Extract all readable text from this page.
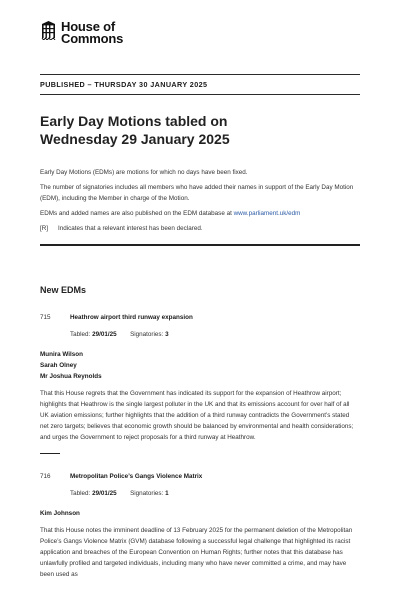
House of
Commons
PUBLISHED – THURSDAY 30 JANUARY 2025
Early Day Motions tabled on
Wednesday 29 January 2025

Early Day Motions (EDMs) are motions for which no days have been fixed.

The number of signatories includes all members who have added their names in support of the Early Day Motion (EDM), including the Member in charge of the Motion.

EDMs and added names are also published on the EDM database at www.parliament.uk/edm

[R] Indicates that a relevant interest has been declared.

New EDMs
715	Heathrow airport third runway expansion
Tabled: 29/01/25 Signatories: 3
Munira Wilson
Sarah Olney
Mr Joshua Reynolds
That this House regrets that the Government has indicated its support for the expansion of Heathrow airport; highlights that Heathrow is the single largest polluter in the UK and that its emissions account for over half of all UK aviation emissions; further highlights that the addition of a third runway contradicts the Government’s stated net zero targets; believes that economic growth should be balanced by environmental and health considerations; and urges the Government to reject proposals for a third runway at Heathrow.
716	Metropolitan Police’s Gangs Violence Matrix
Tabled: 29/01/25 Signatories: 1
Kim Johnson
That this House notes the imminent deadline of 13 February 2025 for the permanent deletion of the Metropolitan Police’s Gangs Violence Matrix (GVM) database following a successful legal challenge that highlighted its racist application and breaches of the European Convention on Human Rights; further notes that this database has unlawfully profiled and targeted individuals, including many who have never committed a crime, and may have been used as
